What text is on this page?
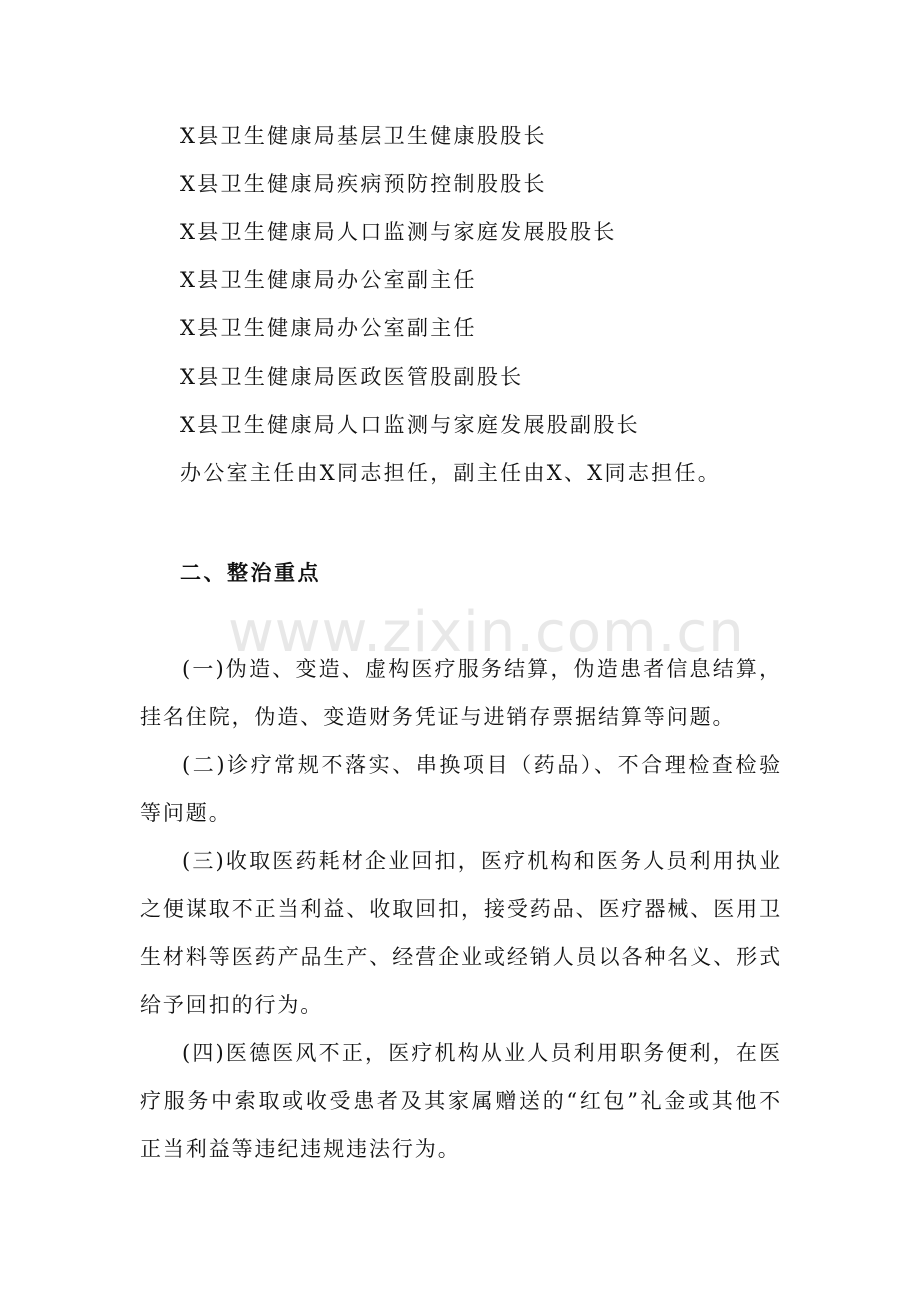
www.zixin.com.cn
X县卫生健康局基层卫生健康股股长
X县卫生健康局疾病预防控制股股长
X县卫生健康局人口监测与家庭发展股股长
X县卫生健康局办公室副主任
X县卫生健康局办公室副主任
X县卫生健康局医政医管股副股长
X县卫生健康局人口监测与家庭发展股副股长
办公室主任由X同志担任，副主任由X、X同志担任。
二、整治重点
(一)伪造、变造、虚构医疗服务结算，伪造患者信息结算，挂名住院，伪造、变造财务凭证与进销存票据结算等问题。
(二)诊疗常规不落实、串换项目（药品）、不合理检查检验等问题。
(三)收取医药耗材企业回扣，医疗机构和医务人员利用执业之便谋取不正当利益、收取回扣，接受药品、医疗器械、医用卫生材料等医药产品生产、经营企业或经销人员以各种名义、形式给予回扣的行为。
(四)医德医风不正，医疗机构从业人员利用职务便利，在医疗服务中索取或收受患者及其家属赠送的“红包”礼金或其他不正当利益等违纪违规违法行为。
